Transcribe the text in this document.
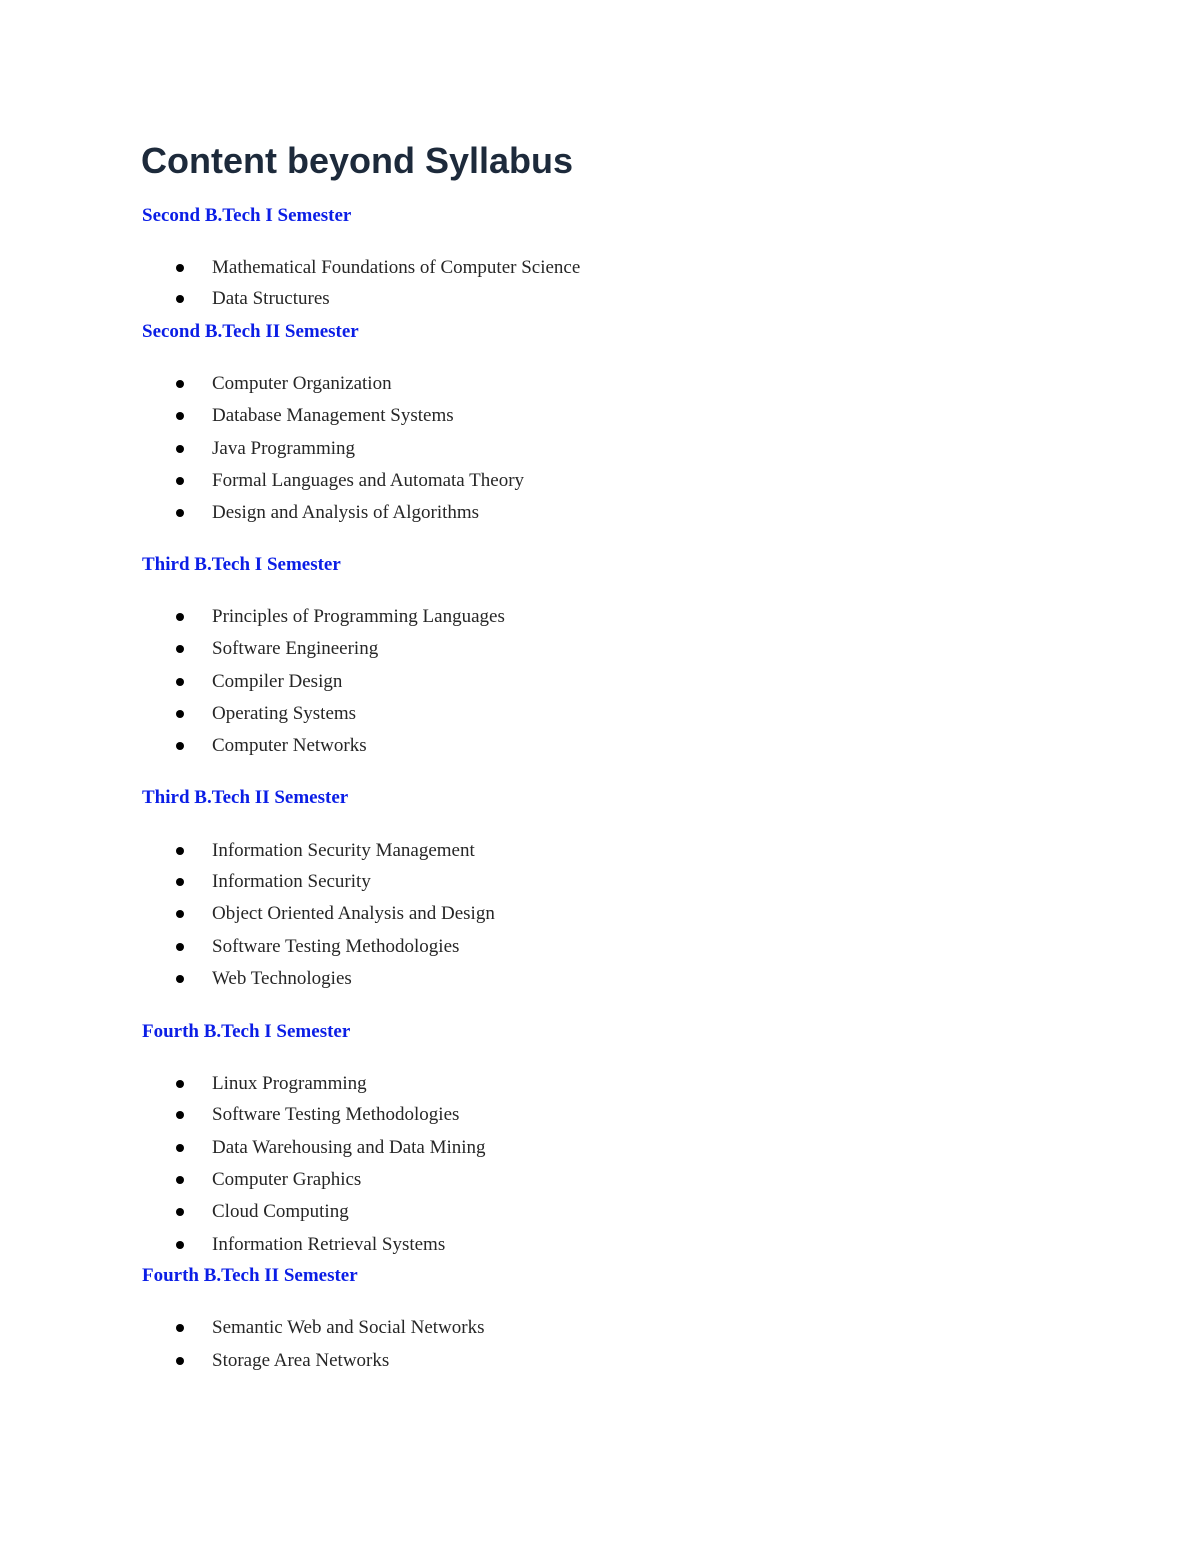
Content beyond Syllabus
Second B.Tech I Semester
Mathematical Foundations of Computer Science
Data Structures
Second B.Tech II Semester
Computer Organization
Database Management Systems
Java Programming
Formal Languages and Automata Theory
Design and Analysis of Algorithms
Third B.Tech I Semester
Principles of Programming Languages
Software Engineering
Compiler Design
Operating Systems
Computer Networks
Third B.Tech II Semester
Information Security Management
Information Security
Object Oriented Analysis and Design
Software Testing Methodologies
Web Technologies
Fourth B.Tech I Semester
Linux Programming
Software Testing Methodologies
Data Warehousing and Data Mining
Computer Graphics
Cloud Computing
Information Retrieval Systems
Fourth B.Tech II Semester
Semantic Web and Social Networks
Storage Area Networks
